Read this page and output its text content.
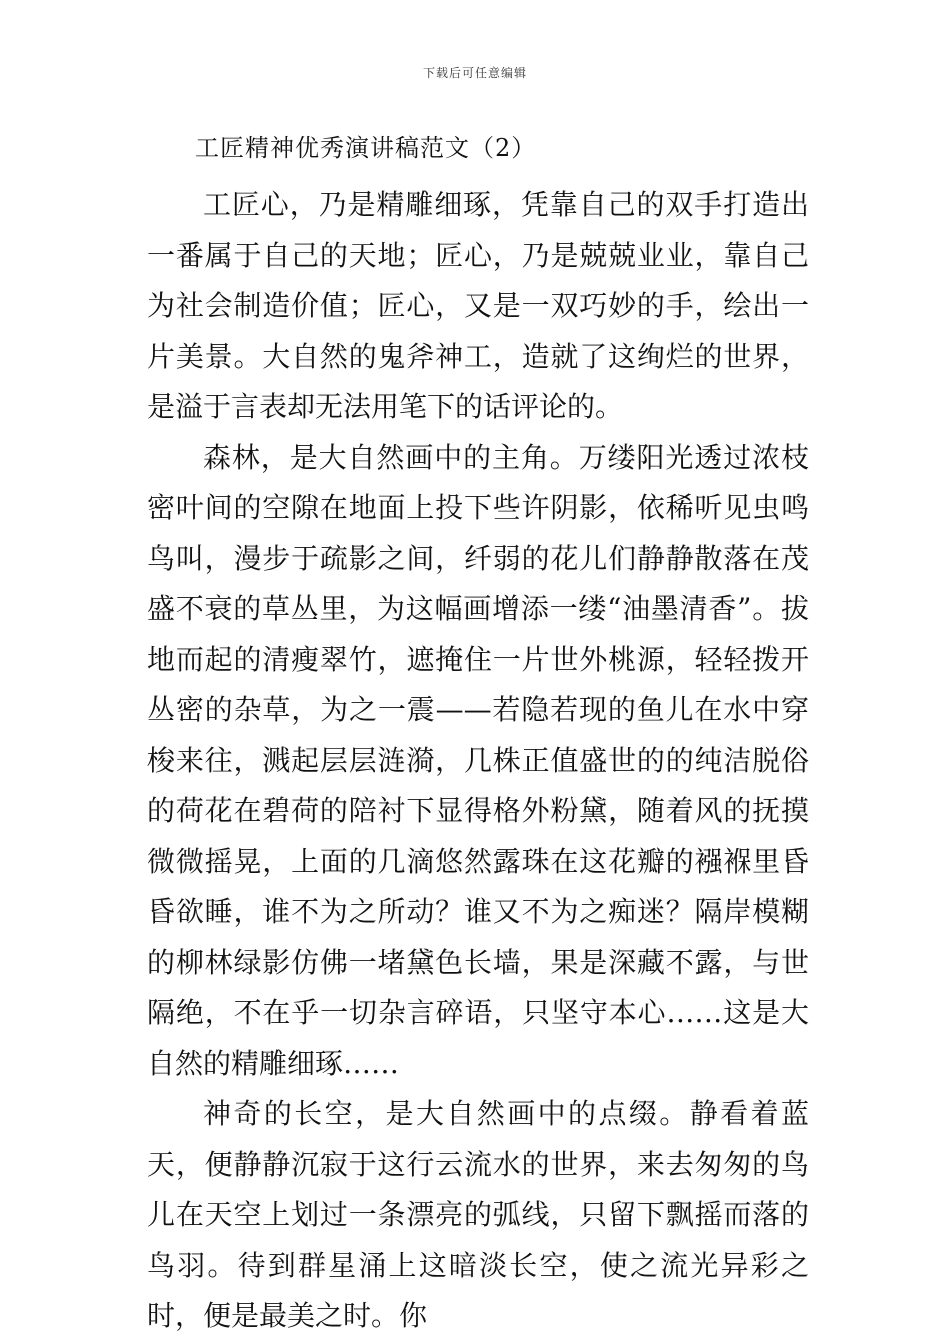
下载后可任意编辑
工匠精神优秀演讲稿范文（2）

工匠心，乃是精雕细琢，凭靠自己的双手打造出一番属于自己的天地；匠心，乃是兢兢业业，靠自己为社会制造价值；匠心，又是一双巧妙的手，绘出一片美景。大自然的鬼斧神工，造就了这绚烂的世界，是溢于言表却无法用笔下的话评论的。

森林，是大自然画中的主角。万缕阳光透过浓枝密叶间的空隙在地面上投下些许阴影，依稀听见虫鸣鸟叫，漫步于疏影之间，纤弱的花儿们静静散落在茂盛不衰的草丛里，为这幅画增添一缕“油墨清香”。拔地而起的清瘦翠竹，遮掩住一片世外桃源，轻轻拨开丛密的杂草，为之一震——若隐若现的鱼儿在水中穿梭来往，溅起层层涟漪，几株正值盛世的的纯洁脱俗的荷花在碧荷的陪衬下显得格外粉黛，随着风的抚摸微微摇晃，上面的几滴悠然露珠在这花瓣的襁褓里昏昏欲睡，谁不为之所动？谁又不为之痴迷？隔岸模糊的柳林绿影仿佛一堵黛色长墙，果是深藏不露，与世隔绝，不在乎一切杂言碎语，只坚守本心……这是大自然的精雕细琢……

神奇的长空，是大自然画中的点缀。静看着蓝天，便静静沉寂于这行云流水的世界，来去匆匆的鸟儿在天空上划过一条漂亮的弧线，只留下飘摇而落的鸟羽。待到群星涌上这暗淡长空，使之流光异彩之时，便是最美之时。你
